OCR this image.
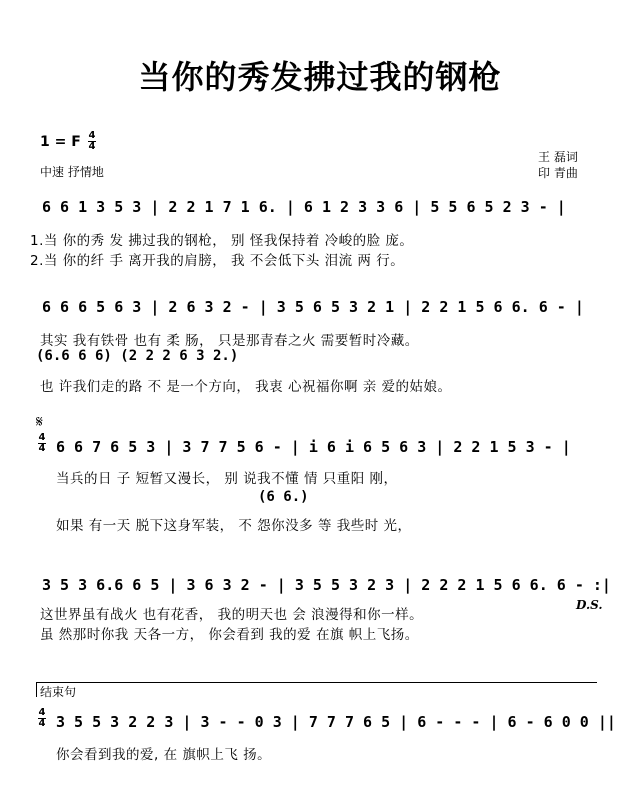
当你的秀发拂过我的钢枪
1 = F 4
4
中速 抒情地
王 磊词
印 青曲
6 6 1 3 5 3 | 2 2 1 7 1 6. | 6 1 2 3 3 6 | 5 5 6 5 2 3 - |
1.当 你的秀 发 拂过我的钢枪， 别 怪我保持着 冷峻的脸 庞。
2.当 你的纤 手 离开我的肩膀， 我 不会低下头 泪流 两 行。
6 6 6 5 6 3 | 2 6 3 2 - | 3 5 6 5 3 2 1 | 2 2 1 5 6 6. 6 - |
其实 我有铁骨 也有 柔 肠， 只是那青春之火 需要暂时冷藏。
(6.6 6 6) (2 2 2 6 3 2.)
也 许我们走的路 不 是一个方向， 我衷 心祝福你啊 亲 爱的姑娘。
𝄋
4
4 6 6 7 6 5 3 | 3 7 7 5 6 - | i 6 i 6 5 6 3 | 2 2 1 5 3 - |
当兵的日 子 短暂又漫长， 别 说我不懂 情 只重阳 刚，
(6 6.)
如果 有一天 脱下这身军装， 不 怨你没多 等 我些时 光，
3 5 3 6.6 6 5 | 3 6 3 2 - | 3 5 5 3 2 3 | 2 2 2 1 5 6 6. 6 - :|
这世界虽有战火 也有花香， 我的明天也 会 浪漫得和你一样。
虽 然那时你我 天各一方， 你会看到 我的爱 在旗 帜上飞扬。
D.S.
结束句
4
4 3 5 5 3 2 2 3 | 3 - - 0 3 | 7 7 7 6 5 | 6 - - - | 6 - 6 0 0 ||
你会看到我的爱, 在 旗帜上飞 扬。
